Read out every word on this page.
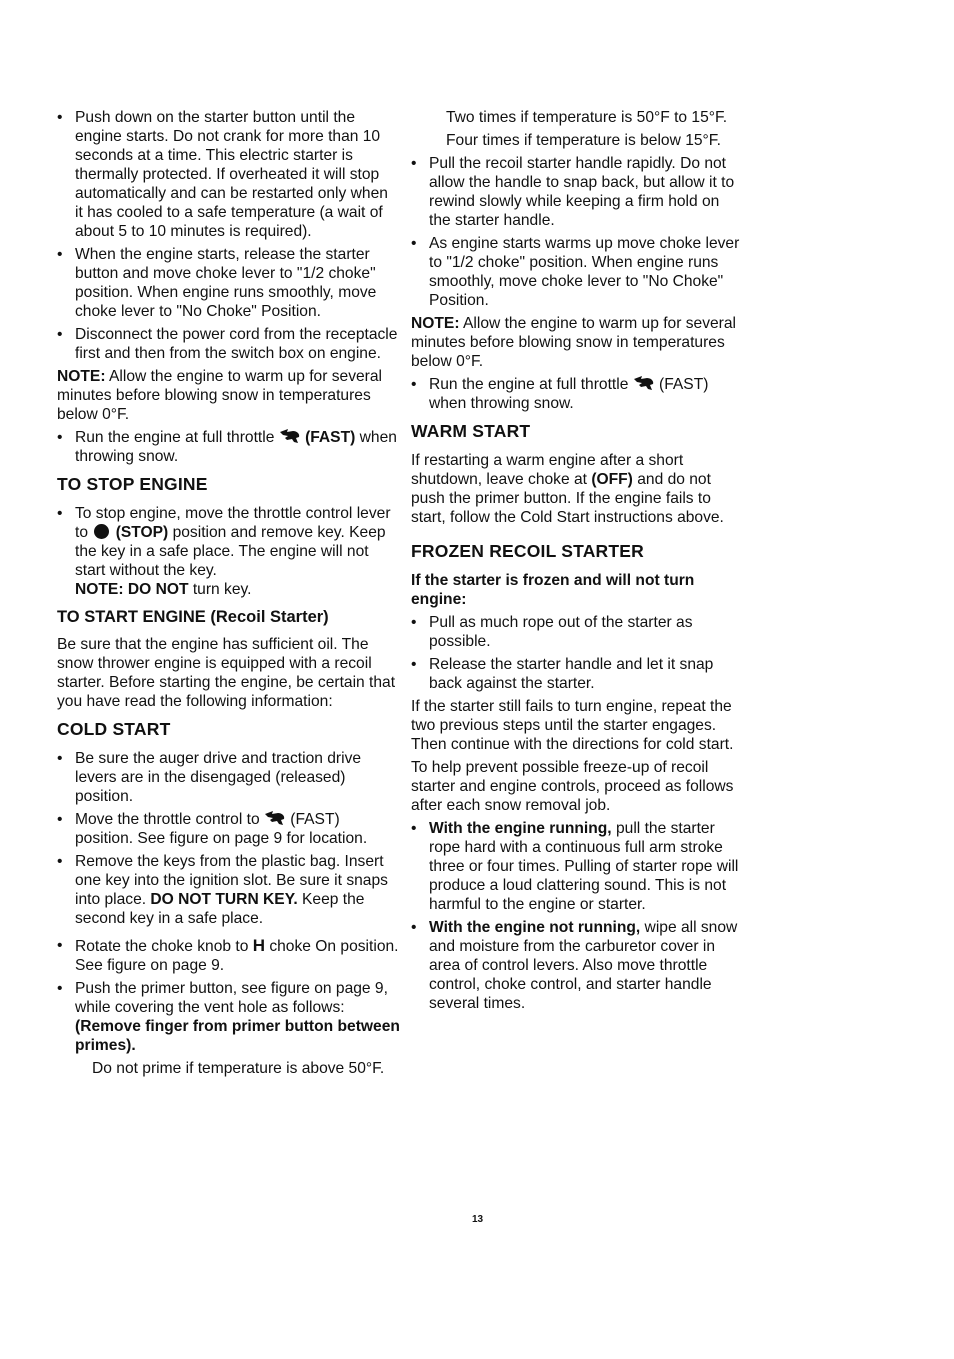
• Push down on the starter button until the engine starts. Do not crank for more than 10 seconds at a time. This electric starter is thermally protected. If overheated it will stop automatically and can be restarted only when it has cooled to a safe temperature (a wait of about 5 to 10 minutes is required).
• When the engine starts, release the starter button and move choke lever to "1/2 choke" position. When engine runs smoothly, move choke lever to "No Choke" Position.
• Disconnect the power cord from the receptacle first and then from the switch box on engine.

NOTE: Allow the engine to warm up for several minutes before blowing snow in temperatures below 0°F.

• Run the engine at full throttle  (FAST) when throwing snow.
TO STOP ENGINE
• To stop engine, move the throttle control lever to  (STOP) position and remove key. Keep the key in a safe place. The engine will not start without the key.
NOTE: DO NOT turn key.
TO START ENGINE (Recoil Starter)

Be sure that the engine has sufficient oil. The snow thrower engine is equipped with a recoil starter. Before starting the engine, be certain that you have read the following information:

COLD START
• Be sure the auger drive and traction drive levers are in the disengaged (released) position.
• Move the throttle control to  (FAST) position. See figure on page 9 for location.
• Remove the keys from the plastic bag. Insert one key into the ignition slot. Be sure it snaps into place. DO NOT TURN KEY. Keep the second key in a safe place.
• Rotate the choke knob to H choke On position. See figure on page 9.
• Push the primer button, see figure on page 9, while covering the vent hole as follows: (Remove finger from primer button between primes).

Do not prime if temperature is above 50°F.

Two times if temperature is 50°F to 15°F.

Four times if temperature is below 15°F.

• Pull the recoil starter handle rapidly. Do not allow the handle to snap back, but allow it to rewind slowly while keeping a firm hold on the starter handle.
• As engine starts warms up move choke lever to "1/2 choke" position. When engine runs smoothly, move choke lever to "No Choke" Position.

NOTE: Allow the engine to warm up for several minutes before blowing snow in temperatures below 0°F.

• Run the engine at full throttle  (FAST) when throwing snow.
WARM START

If restarting a warm engine after a short shutdown, leave choke at (OFF) and do not push the primer button. If the engine fails to start, follow the Cold Start instructions above.

FROZEN RECOIL STARTER

If the starter is frozen and will not turn engine:

• Pull as much rope out of the starter as possible.
• Release the starter handle and let it snap back against the starter.

If the starter still fails to turn engine, repeat the two previous steps until the starter engages. Then continue with the directions for cold start.

To help prevent possible freeze-up of recoil starter and engine controls, proceed as follows after each snow removal job.

• With the engine running, pull the starter rope hard with a continuous full arm stroke three or four times. Pulling of starter rope will produce a loud clattering sound. This is not harmful to the engine or starter.
• With the engine not running, wipe all snow and moisture from the carburetor cover in area of control levers. Also move throttle control, choke control, and starter handle several times.
13
